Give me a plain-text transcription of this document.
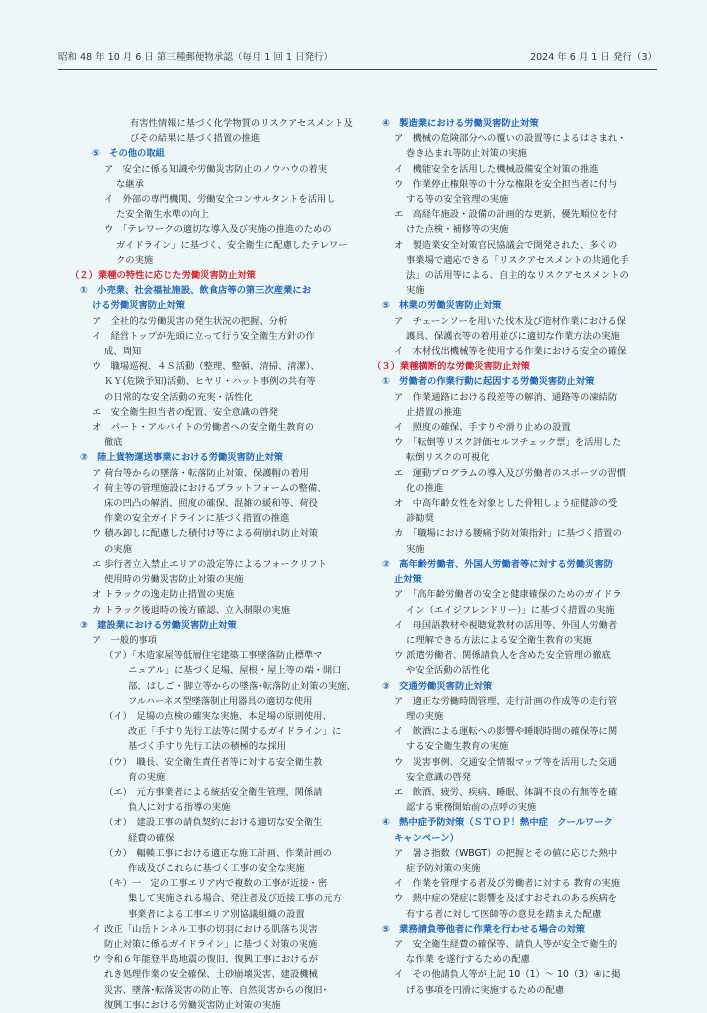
昭和 48 年 10 月 6 日 第三種郵便物承認（毎月 1 回 1 日発行）	2024 年 6 月 1 日 発行（3）
有害性情報に基づく化学物質のリスクアセスメント及
びその結果に基づく措置の推進
⑤　その他の取組
ア　安全に係る知識や労働災害防止のノウハウの着実
な継承
イ　外部の専門機関、労働安全コンサルタントを活用し
た安全衛生水準の向上
ウ　「テレワークの適切な導入及び実施の推進のための
ガイドライン」に基づく、安全衛生に配慮したテレワー
クの実施
（２）業種の特性に応じた労働災害防止対策
①　小売業、社会福祉施設、飲食店等の第三次産業にお
ける労働災害防止対策
ア　全社的な労働災害の発生状況の把握、分析
イ　経営トップが先頭に立って行う安全衛生方針の作
成、周知
ウ　職場巡視、４Ｓ活動（整理、整頓、清掃、清潔）、
ＫＹ(危険予知)活動、ヒヤリ・ハット事例の共有等
の日常的な安全活動の充実・活性化
エ　安全衛生担当者の配置、安全意識の啓発
オ　パート・アルバイトの労働者への安全衛生教育の
徹底
②　陸上貨物運送事業における労働災害防止対策
ア 荷台等からの墜落・転落防止対策、保護帽の着用
イ 荷主等の管理施設におけるプラットフォームの整備、
床の凹凸の解消、照度の確保、混雑の緩和等、荷役
作業の安全ガイドラインに基づく措置の推進
ウ 積み卸しに配慮した積付け等による荷崩れ防止対策
の実施
エ 歩行者立入禁止エリアの設定等によるフォークリフト
使用時の労働災害防止対策の実施
オ トラックの逸走防止措置の実施
カ トラック後退時の後方確認、立入制限の実施
③　建設業における労働災害防止対策
ア　一般的事項
（ア）「木造家屋等低層住宅建築工事墜落防止標準マ
ニュアル」に基づく足場、屋根・屋上等の端・開口
部、はしご・脚立等からの墜落･転落防止対策の実施、
フルハーネス型墜落制止用器具の適切な使用
（イ）　足場の点検の確実な実施、本足場の原則使用、
改正「手すり先行工法等に関するガイドライン」に
基づく手すり先行工法の積極的な採用
（ウ）　職長、安全衛生責任者等に対する安全衛生教
育の実施
（エ）　元方事業者による統括安全衛生管理、関係請
負人に対する指導の実施
（オ）　建設工事の請負契約における適切な安全衛生
経費の確保
（カ）　輻輳工事における適正な施工計画、作業計画の
作成及びこれらに基づく工事の安全な実施
（キ）一　定の工事エリア内で複数の工事が近接・密
集して実施される場合、発注者及び近接工事の元方
事業者による工事エリア別協議組織の設置
イ 改正「山岳トンネル工事の切羽における肌落ち災害
防止対策に係るガイドライン」に基づく対策の実施
ウ 令和６年能登半島地震の復旧、復興工事におけるが
れき処理作業の安全確保、土砂崩壊災害、建設機械
災害、墜落･転落災害の防止等、自然災害からの復旧･
復興工事における労働災害防止対策の実施
④　製造業における労働災害防止対策
ア　機械の危険部分への覆いの設置等によるはさまれ・
巻き込まれ等防止対策の実施
イ　機能安全を活用した機械設備安全対策の推進
ウ　作業停止権限等の十分な権限を安全担当者に付与
する等の安全管理の実施
エ　高経年施設・設備の計画的な更新、優先順位を付
けた点検・補修等の実施
オ　製造業安全対策官民協議会で開発された、多くの
事業場で適応できる「リスクアセスメントの共通化手
法」の活用等による、自主的なリスクアセスメントの
実施
⑤　林業の労働災害防止対策
ア　チェーンソーを用いた伐木及び造材作業における保
護具、保護衣等の着用並びに適切な作業方法の実施
イ　木材伐出機械等を使用する作業における安全の確保
（３）業種横断的な労働災害防止対策
①　労働者の作業行動に起因する労働災害防止対策
ア　作業通路における段差等の解消、通路等の凍結防
止措置の推進
イ　照度の確保、手すりや滑り止めの設置
ウ　「転倒等リスク評価セルフチェック票」を活用した
転倒リスクの可視化
エ　運動プログラムの導入及び労働者のスポーツの習慣
化の推進
オ　中高年齢女性を対象とした骨粗しょう症健診の受
診勧奨
カ　「職場における腰痛予防対策指針」に基づく措置の
実施
②　高年齢労働者、外国人労働者等に対する労働災害防
止対策
ア　「高年齢労働者の安全と健康確保のためのガイドラ
イン（エイジフレンドリー）」に基づく措置の実施
イ　母国語教材や視聴覚教材の活用等、外国人労働者
に理解できる方法による安全衛生教育の実施
ウ 派遣労働者、関係請負人を含めた安全管理の徹底
や安全活動の活性化
③　交通労働災害防止対策
ア　適正な労働時間管理、走行計画の作成等の走行管
理の実施
イ　飲酒による運転への影響や睡眠時間の確保等に関
する安全衛生教育の実施
ウ　災害事例、交通安全情報マップ等を活用した交通
安全意識の啓発
エ　飲酒、疲労、疾病、睡眠、体調不良の有無等を確
認する乗務開始前の点呼の実施
④　熱中症予防対策（ＳＴＯＰ！熱中症　クールワーク
キャンペーン）
ア　暑さ指数（WBGT）の把握とその値に応じた熱中
症予防対策の実施
イ　作業を管理する者及び労働者に対する 教育の実施
ウ　熱中症の発症に影響を及ぼすおそれのある疾病を
有する者に対して医師等の意見を踏まえた配慮
⑤　業務請負等他者に作業を行わせる場合の対策
ア　安全衛生経費の確保等、請負人等が安全で衛生的
な作業 を遂行するための配慮
イ　その他請負人等が上記 10（1）～ 10（3）④に掲
げる事項を円滑に実施するための配慮
